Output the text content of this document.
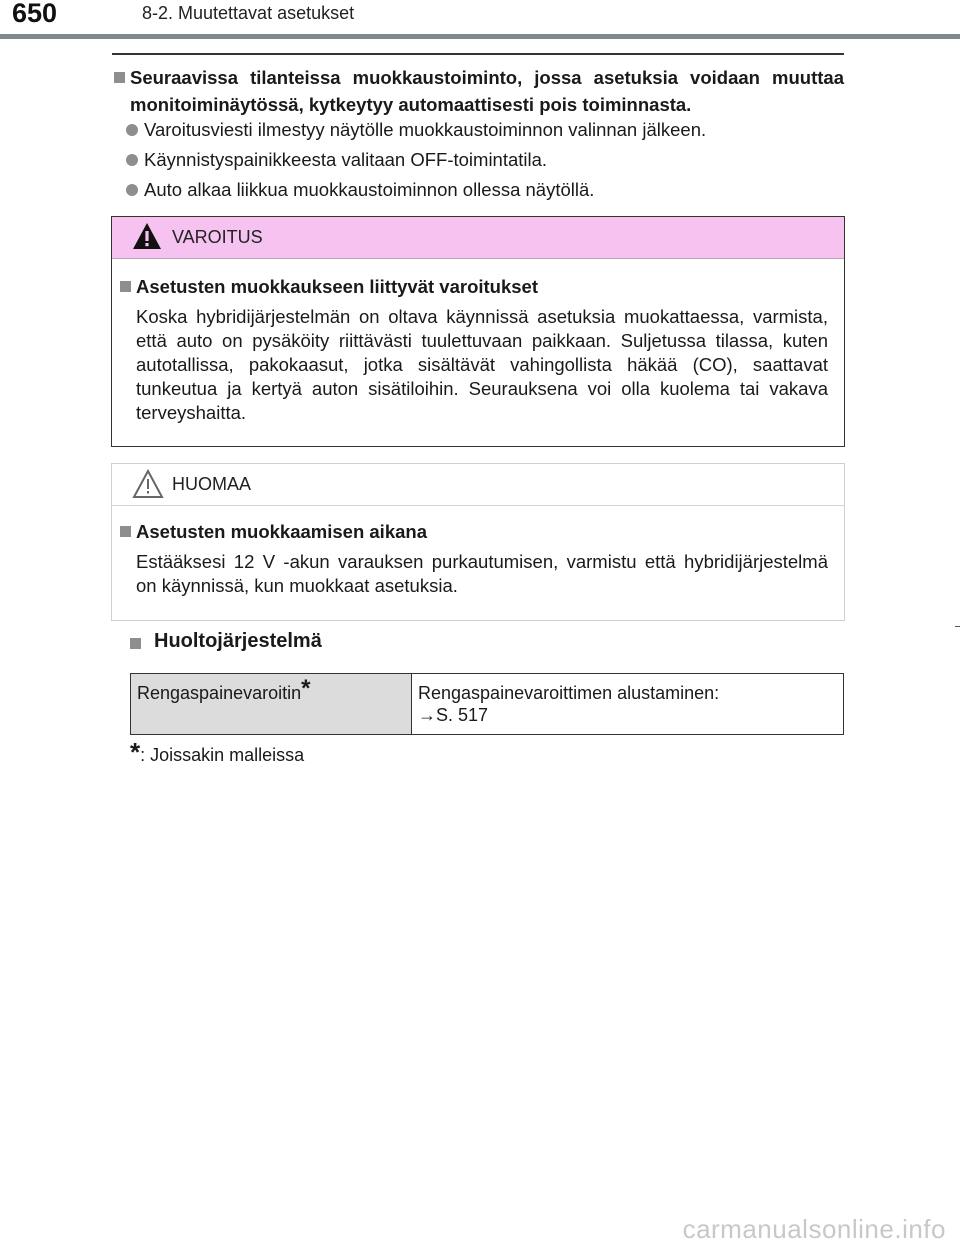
650	8-2. Muutettavat asetukset
Seuraavissa tilanteissa muokkaustoiminto, jossa asetuksia voidaan muuttaa monitoiminäytössä, kytkeytyy automaattisesti pois toiminnasta.
Varoitusviesti ilmestyy näytölle muokkaustoiminnon valinnan jälkeen.
Käynnistyspainikkeesta valitaan OFF-toimintatila.
Auto alkaa liikkua muokkaustoiminnon ollessa näytöllä.
VAROITUS
Asetusten muokkaukseen liittyvät varoitukset
Koska hybridijärjestelmän on oltava käynnissä asetuksia muokattaessa, varmista, että auto on pysäköity riittävästi tuulettuvaan paikkaan. Suljetussa tilassa, kuten autotallissa, pakokaasut, jotka sisältävät vahingollista häkää (CO), saattavat tunkeutua ja kertyä auton sisätiloihin. Seurauksena voi olla kuolema tai vakava terveyshaitta.
HUOMAA
Asetusten muokkaamisen aikana
Estääksesi 12 V -akun varauksen purkautumisen, varmistu että hybridijärjestelmä on käynnissä, kun muokkaat asetuksia.
Huoltojärjestelmä
Rengaspainevaroitin*	Rengaspainevaroittimen alustaminen:
→S. 517
*: Joissakin malleissa
carmanualsonline.info
